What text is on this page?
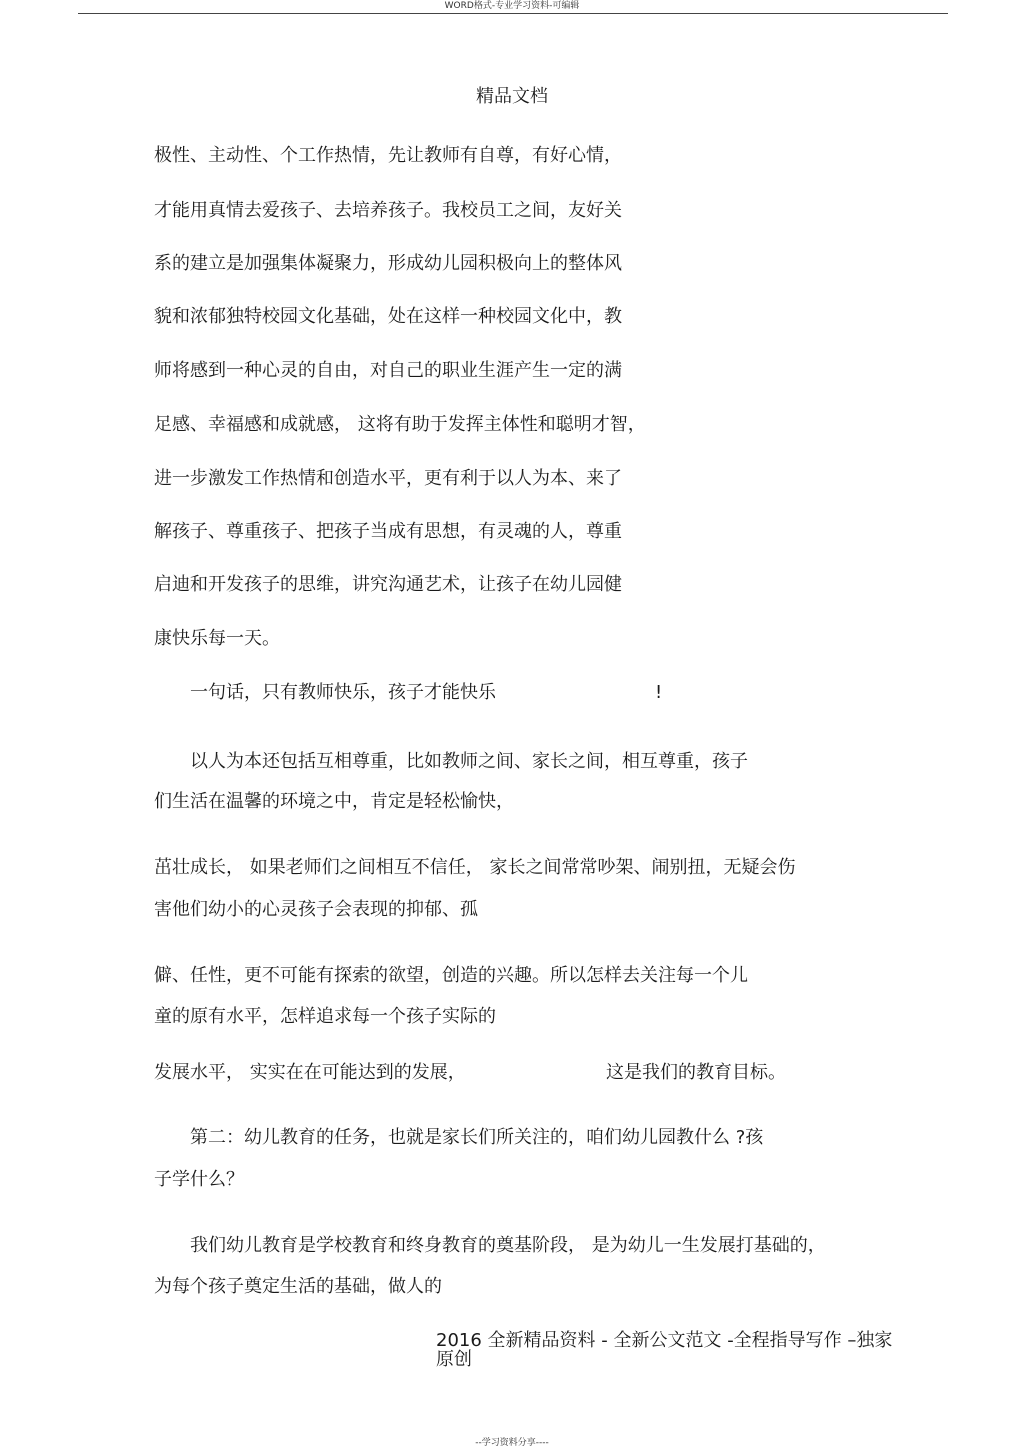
WORD格式-专业学习资料-可编辑
精品文档
极性、主动性、个工作热情，先让教师有自尊，有好心情，
才能用真情去爱孩子、去培养孩子。我校员工之间，友好关
系的建立是加强集体凝聚力，形成幼儿园积极向上的整体风
貌和浓郁独特校园文化基础，处在这样一种校园文化中，教
师将感到一种心灵的自由，对自己的职业生涯产生一定的满
足感、幸福感和成就感， 这将有助于发挥主体性和聪明才智，
进一步激发工作热情和创造水平，更有利于以人为本、来了
解孩子、尊重孩子、把孩子当成有思想，有灵魂的人，尊重
启迪和开发孩子的思维，讲究沟通艺术，让孩子在幼儿园健
康快乐每一天。
一句话，只有教师快乐，孩子才能快乐	!
以人为本还包括互相尊重，比如教师之间、家长之间，相互尊重，孩子
们生活在温馨的环境之中，肯定是轻松愉快，
茁壮成长， 如果老师们之间相互不信任， 家长之间常常吵架、闹别扭，无疑会伤
害他们幼小的心灵孩子会表现的抑郁、孤
僻、任性，更不可能有探索的欲望，创造的兴趣。所以怎样去关注每一个儿
童的原有水平，怎样追求每一个孩子实际的
发展水平， 实实在在可能达到的发展，	这是我们的教育目标。
第二：幼儿教育的任务，也就是家长们所关注的，咱们幼儿园教什么 ?孩
子学什么？
我们幼儿教育是学校教育和终身教育的奠基阶段， 是为幼儿一生发展打基础的，
为每个孩子奠定生活的基础，做人的
2016 全新精品资料 - 全新公文范文 -全程指导写作 –独家
原创
--学习资料分享----
